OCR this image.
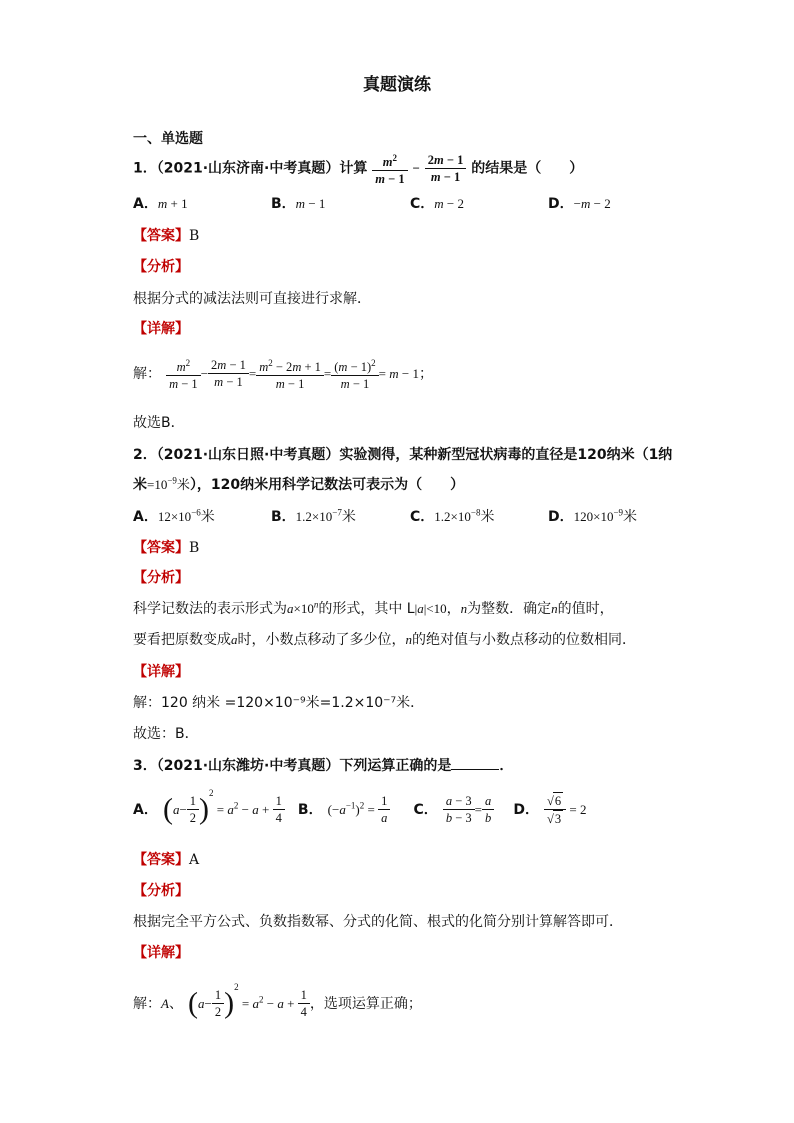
真题演练
一、单选题
1．（2021·山东济南·中考真题）计算 $\frac{m^2}{m - 1} - \frac{2m - 1}{m - 1}$ 的结果是（　　）
A．m + 1	B．m − 1	C．m − 2	D．−m − 2
【答案】B
【分析】
根据分式的减法法则可直接进行求解．
【详解】
解： $\frac{m^2}{m - 1} - \frac{2m - 1}{m - 1} = \frac{m^2 - 2m + 1}{m - 1} = \frac{(m - 1)^2}{m - 1} = m - 1$；
故选B．
2．（2021·山东日照·中考真题）实验测得，某种新型冠状病毒的直径是120纳米（1纳
米$=10^{-9}$米），120纳米用科学记数法可表示为（　　）
A．$12\times 10^{-6}$米	B．$1.2\times 10^{-7}$米	C．$1.2\times 10^{-8}$米	D．$120\times 10^{-9}$米
【答案】B
【分析】
科学记数法的表示形式为$a\times 10^n$的形式，其中 L|a|<10，n为整数．确定n的值时，
要看把原数变成a时，小数点移动了多少位，n的绝对值与小数点移动的位数相同．
【详解】
解：120 纳米 =120×10⁻⁹米=1.2×10⁻⁷米．
故选：B．
3．（2021·山东潍坊·中考真题）下列运算正确的是	．
A． $(a- \frac{1}{2} )^2 = a^2 - a + \frac{1}{4}$ B． $(-a^{-1})^2 = \frac{1}{a}$ C． $\frac{a - 3}{b - 3} = \frac{a}{b}$ D． $\frac{√6}{√3} = 2$
【答案】A
【分析】
根据完全平方公式、负数指数幂、分式的化简、根式的化简分别计算解答即可．
【详解】
解：A、 $(a- \frac{1}{2} )^2 = a^2 - a + \frac{1}{4}$ ，选项运算正确；
